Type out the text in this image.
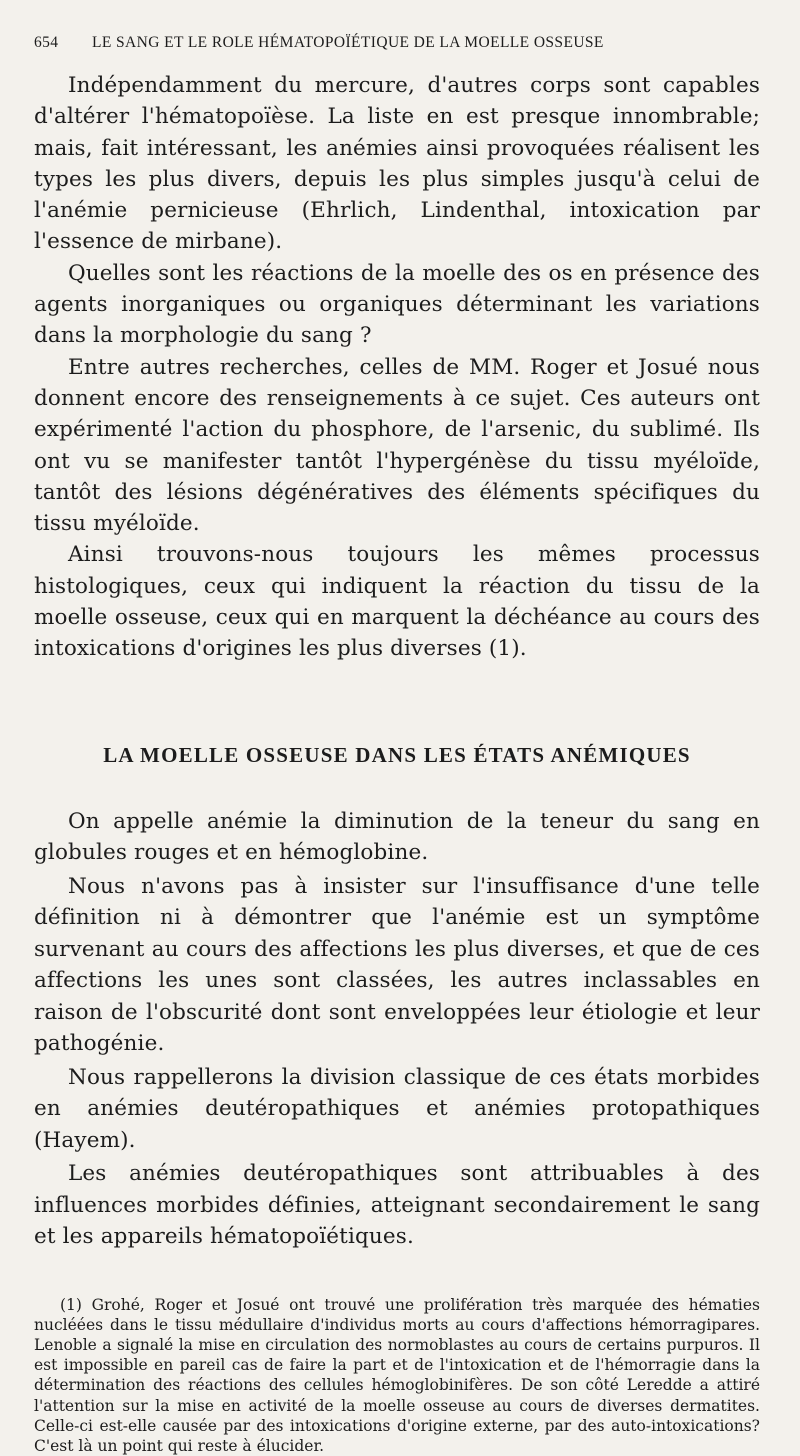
654	LE SANG ET LE ROLE HÉMATOPOÏÉTIQUE DE LA MOELLE OSSEUSE

Indépendamment du mercure, d'autres corps sont capables d'altérer l'hématopoïèse. La liste en est presque innombrable; mais, fait intéressant, les anémies ainsi provoquées réalisent les types les plus divers, depuis les plus simples jusqu'à celui de l'anémie pernicieuse (Ehrlich, Lindenthal, intoxication par l'essence de mirbane).

Quelles sont les réactions de la moelle des os en présence des agents inorganiques ou organiques déterminant les variations dans la morphologie du sang ?

Entre autres recherches, celles de MM. Roger et Josué nous donnent encore des renseignements à ce sujet. Ces auteurs ont expérimenté l'action du phosphore, de l'arsenic, du sublimé. Ils ont vu se manifester tantôt l'hypergénèse du tissu myéloïde, tantôt des lésions dégénératives des éléments spécifiques du tissu myéloïde.

Ainsi trouvons-nous toujours les mêmes processus histologiques, ceux qui indiquent la réaction du tissu de la moelle osseuse, ceux qui en marquent la déchéance au cours des intoxications d'origines les plus diverses (1).

LA MOELLE OSSEUSE DANS LES ÉTATS ANÉMIQUES

On appelle anémie la diminution de la teneur du sang en globules rouges et en hémoglobine.

Nous n'avons pas à insister sur l'insuffisance d'une telle définition ni à démontrer que l'anémie est un symptôme survenant au cours des affections les plus diverses, et que de ces affections les unes sont classées, les autres inclassables en raison de l'obscurité dont sont enveloppées leur étiologie et leur pathogénie.

Nous rappellerons la division classique de ces états morbides en anémies deutéropathiques et anémies protopathiques (Hayem).

Les anémies deutéropathiques sont attribuables à des influences morbides définies, atteignant secondairement le sang et les appareils hématopoïétiques.

(1) Grohé, Roger et Josué ont trouvé une prolifération très marquée des hématies nucléées dans le tissu médullaire d'individus morts au cours d'affections hémorragipares. Lenoble a signalé la mise en circulation des normoblastes au cours de certains purpuros. Il est impossible en pareil cas de faire la part et de l'intoxication et de l'hémorragie dans la détermination des réactions des cellules hémoglobinifères. De son côté Leredde a attiré l'attention sur la mise en activité de la moelle osseuse au cours de diverses dermatites. Celle-ci est-elle causée par des intoxications d'origine externe, par des auto-intoxications? C'est là un point qui reste à élucider.
